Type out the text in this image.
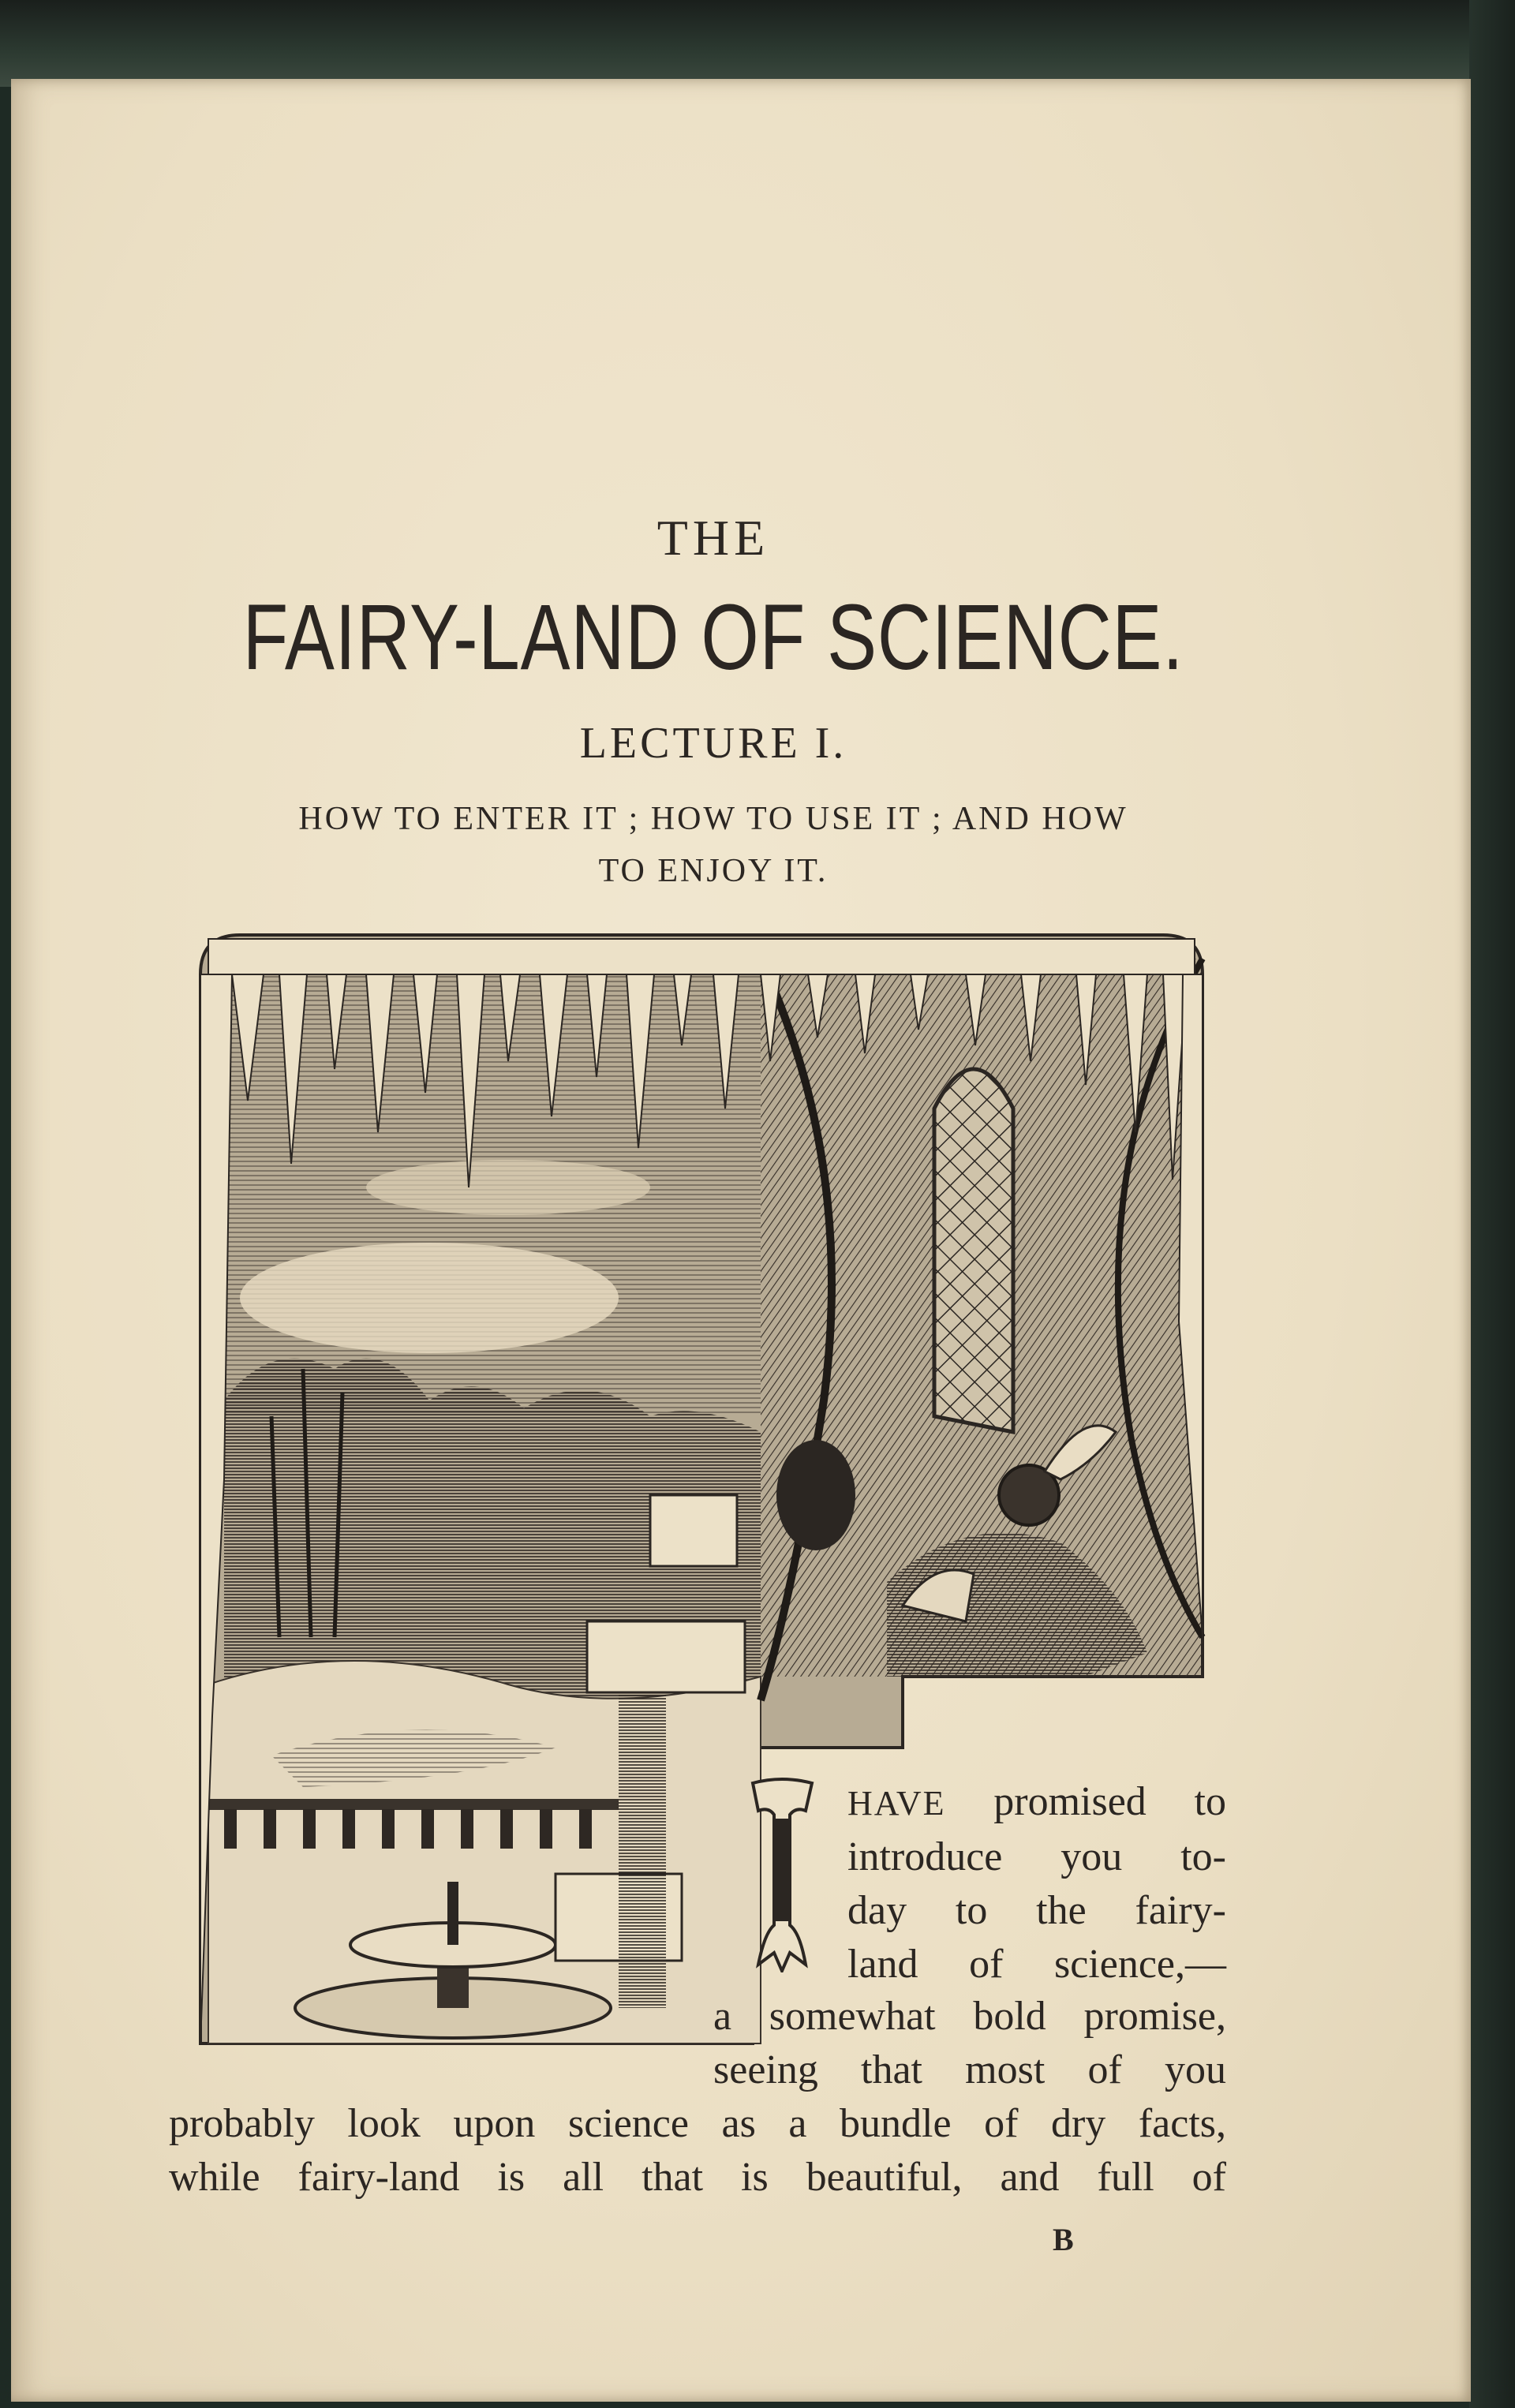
THE
FAIRY-LAND OF SCIENCE.
LECTURE I.
HOW TO ENTER IT ; HOW TO USE IT ; AND HOW
TO ENJOY IT.
HAVE promised to
introduce you to-
day to the fairy-
land of science,—
a somewhat bold promise,
seeing that most of you
probably look upon science as a bundle of dry facts,
while fairy-land is all that is beautiful, and full of
B
